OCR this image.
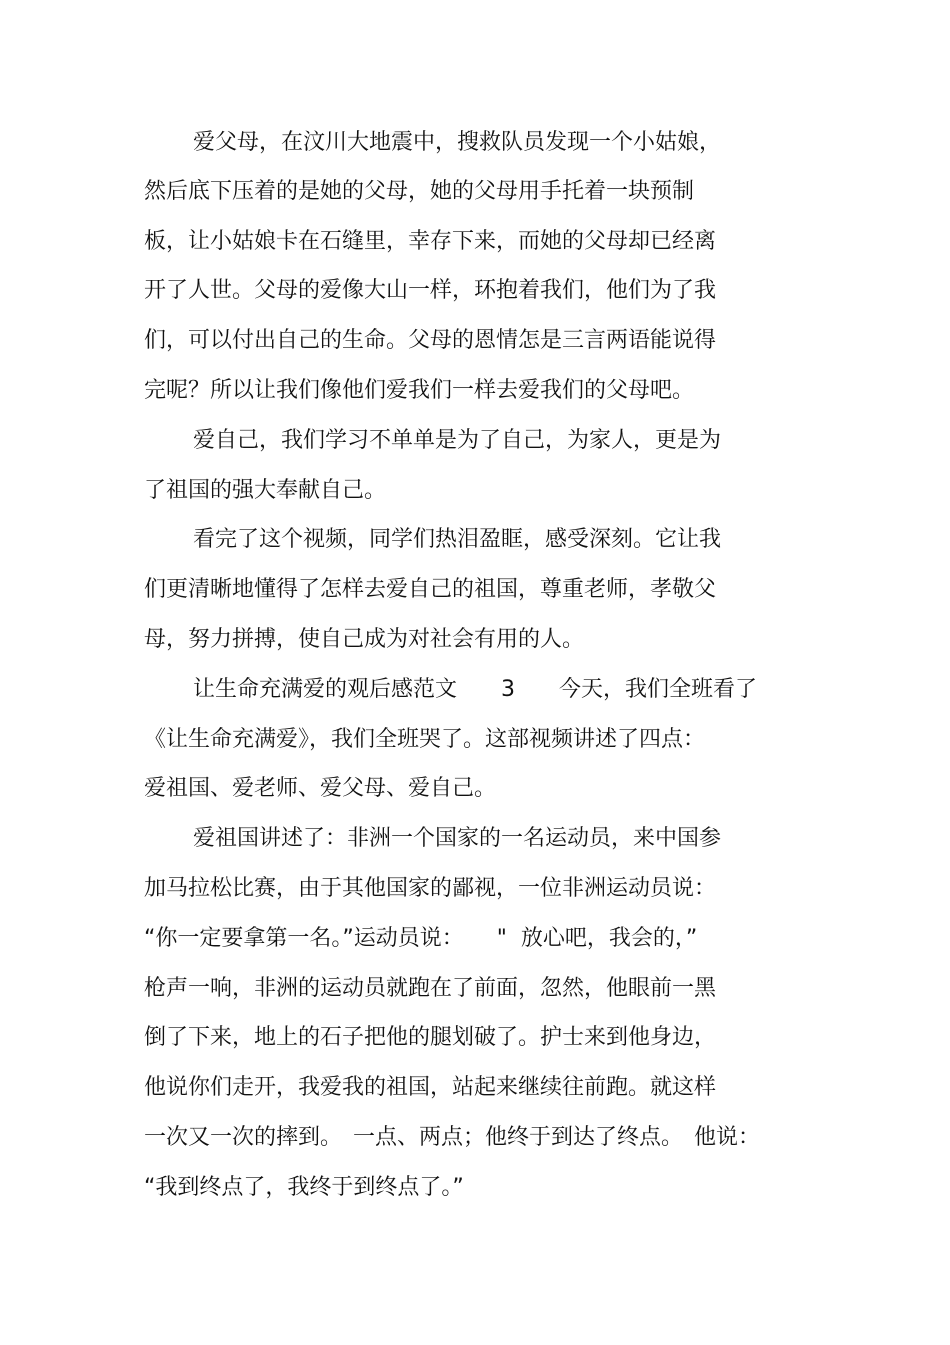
爱父母，在汶川大地震中，搜救队员发现一个小姑娘，
然后底下压着的是她的父母，她的父母用手托着一块预制
板，让小姑娘卡在石缝里，幸存下来，而她的父母却已经离
开了人世。父母的爱像大山一样，环抱着我们，他们为了我
们，可以付出自己的生命。父母的恩情怎是三言两语能说得
完呢？所以让我们像他们爱我们一样去爱我们的父母吧。
爱自己，我们学习不单单是为了自己，为家人，更是为
了祖国的强大奉献自己。
看完了这个视频，同学们热泪盈眶，感受深刻。它让我
们更清晰地懂得了怎样去爱自己的祖国，尊重老师，孝敬父
母，努力拼搏，使自己成为对社会有用的人。
让生命充满爱的观后感范文　　3　　今天，我们全班看了
《让生命充满爱》，我们全班哭了。这部视频讲述了四点：
爱祖国、爱老师、爱父母、爱自己。
爱祖国讲述了：非洲一个国家的一名运动员，来中国参
加马拉松比赛，由于其他国家的鄙视，一位非洲运动员说：
“你一定要拿第一名。”运动员说：　　"  放心吧，我会的，”
枪声一响，非洲的运动员就跑在了前面，忽然，他眼前一黑
倒了下来，地上的石子把他的腿划破了。护士来到他身边，
他说你们走开，我爱我的祖国，站起来继续往前跑。就这样
一次又一次的摔到。　一点、两点；他终于到达了终点。　他说：
“我到终点了，我终于到终点了。”
